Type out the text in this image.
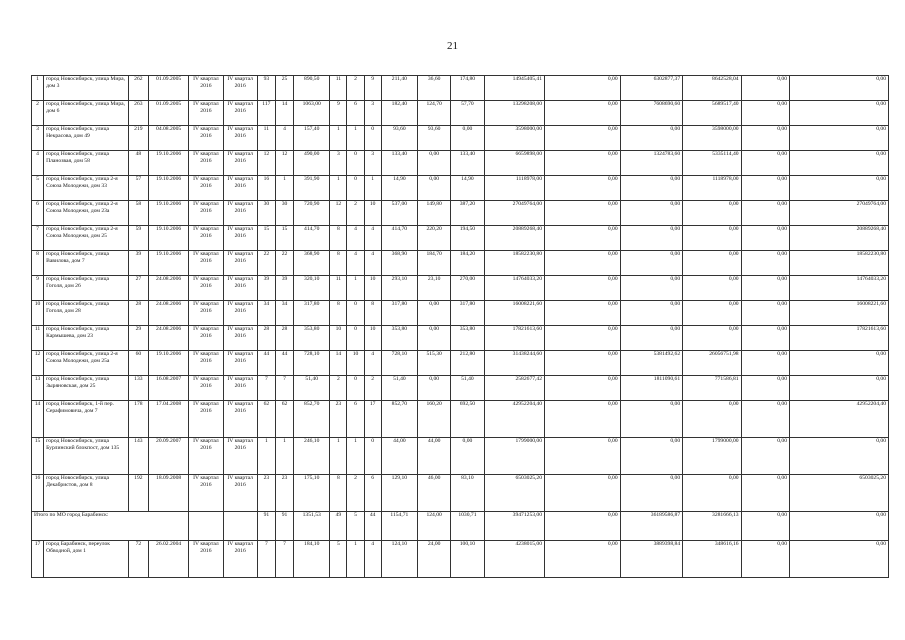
21
1	город Новосибирск, улица Мира, дом 3	262	01.09.2005	IV квартал 2016	IV квартал 2016	93	25	890,50	11	2	9	211,40	36,60	174,80	14945405,41	0,00	6302877,37	8642528,04	0,00	0,00
2	город Новосибирск, улица Мира, дом 6	263	01.09.2005	IV квартал 2016	IV квартал 2016	117	14	1063,00	9	6	3	182,40	124,70	57,70	13298208,00	0,00	7608690,60	5689517,40	0,00	0,00
3	город Новосибирск, улица Некрасова, дом 49	219	04.08.2005	IV квартал 2016	IV квартал 2016	11	4	157,40	1	1	0	93,60	93,60	0,00	3598000,00	0,00	0,00	3598000,00	0,00	0,00
4	город Новосибирск, улица Планозвая, дом 58	48	19.10.2006	IV квартал 2016	IV квартал 2016	12	12	490,00	3	0	3	133,40	0,00	133,40	6659898,00	0,00	1324783,60	5335114,40	0,00	0,00
5	город Новосибирск, улица 2-я Союза Молодежи, дом 33	57	19.10.2006	IV квартал 2016	IV квартал 2016	16	1	391,90	1	0	1	14,90	0,00	14,90	1118978,00	0,00	0,00	1118978,00	0,00	0,00
6	город Новосибирск, улица 2-я Союза Молодежи, дом 23а	58	19.10.2006	IV квартал 2016	IV квартал 2016	30	30	720,90	12	2	10	537,00	149,80	387,20	27049764,00	0,00	0,00	0,00	0,00	27049764,00
7	город Новосибирск, улица 2-я Союза Молодежи, дом 25	59	19.10.2006	IV квартал 2016	IV квартал 2016	15	15	414,70	8	4	4	414,70	220,20	194,50	20889268,40	0,00	0,00	0,00	0,00	20889268,40
8	город Новосибирск, улица Вавилова, дом 7	39	19.10.2006	IV квартал 2016	IV квартал 2016	22	22	368,90	8	4	4	368,90	184,70	184,20	18582230,80	0,00	0,00	0,00	0,00	18582230,80
9	город Новосибирск, улица Гоголя, дом 26	27	24.08.2006	IV квартал 2016	IV квартал 2016	39	39	320,10	11	1	10	293,10	23,10	270,00	14764033,20	0,00	0,00	0,00	0,00	14764033,20
10	город Новосибирск, улица Гоголя, дом 28	28	24.08.2006	IV квартал 2016	IV квартал 2016	34	34	317,80	8	0	8	317,80	0,00	317,80	16008221,60	0,00	0,00	0,00	0,00	16008221,60
11	город Новосибирск, улица Кармышева, дом 23	29	24.08.2006	IV квартал 2016	IV квартал 2016	28	28	353,80	10	0	10	353,80	0,00	353,80	17821613,60	0,00	0,00	0,00	0,00	17821613,60
12	город Новосибирск, улица 2-я Союза Молодежи, дом 25а	60	19.10.2006	IV квартал 2016	IV квартал 2016	44	44	728,10	14	10	4	728,10	515,30	212,80	31438244,60	0,00	5381492,62	26056751,98	0,00	0,00
13	город Новосибирск, улица Зыряновская, дом 25	133	16.08.2007	IV квартал 2016	IV квартал 2016	7	7	51,40	2	0	2	51,40	0,00	51,40	2582677,42	0,00	1811090,61	771586,81	0,00	0,00
14	город Новосибирск, 1-й пер. Серафимовича, дом 7	178	17.04.2008	IV квартал 2016	IV квартал 2016	62	62	852,70	23	6	17	852,70	160,20	692,50	42952204,40	0,00	0,00	0,00	0,00	42952204,40
15	город Новосибирск, улица Бурлинский блокпост, дом 135	143	20.09.2007	IV квартал 2016	IV квартал 2016	1	1	246,10	1	1	0	44,00	44,00	0,00	1799000,00	0,00	0,00	1799000,00	0,00	0,00
16	город Новосибирск, улица Декабристов, дом 8	192	18.09.2008	IV квартал 2016	IV квартал 2016	23	23	175,10	8	2	6	129,10	46,00	83,10	6503025,20	0,00	0,00	0,00	0,00	6503025,20
Итого по МО город Барабинск:						91	91	1351,53	49	5	44	1154,71	124,00	1030,71	39471253,00	0,00	36189586,87	3281666,13	0,00	0,00
17	город Барабинск, переулок Обводной, дом 1	72	26.02.2004	IV квартал 2016	IV квартал 2016	7	7	184,10	5	1	4	124,10	24,00	100,10	4238015,00	0,00	3889398,84	348616,16	0,00	0,00
